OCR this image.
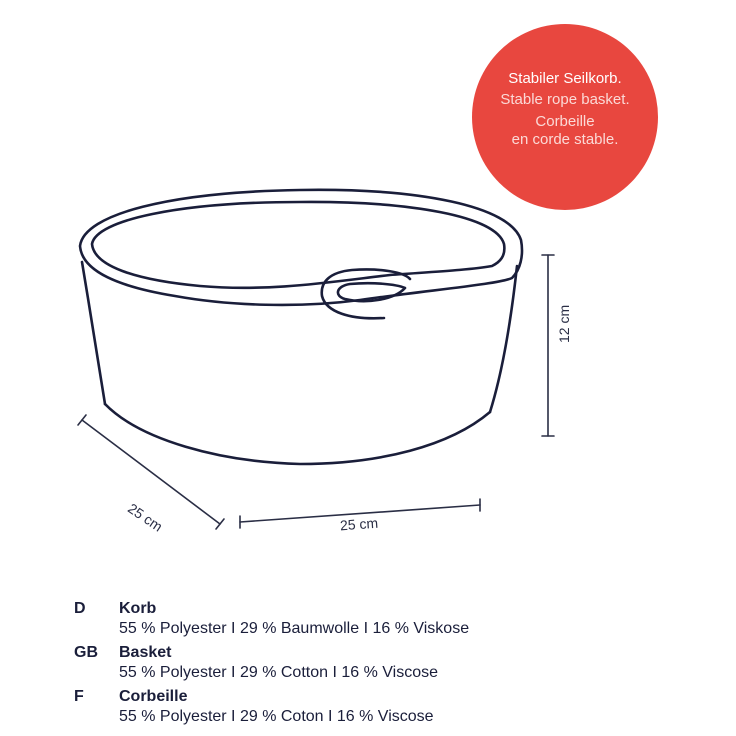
Stabiler Seilkorb.
Stable rope basket.
Corbeille
en corde stable.
25 cm	25 cm
12 cm
D	Korb
55 % Polyester I 29 % Baumwolle I 16 % Viskose
GB	Basket
55 % Polyester I 29 % Cotton I 16 % Viscose
F	Corbeille
55 % Polyester I 29 % Coton I 16 % Viscose
